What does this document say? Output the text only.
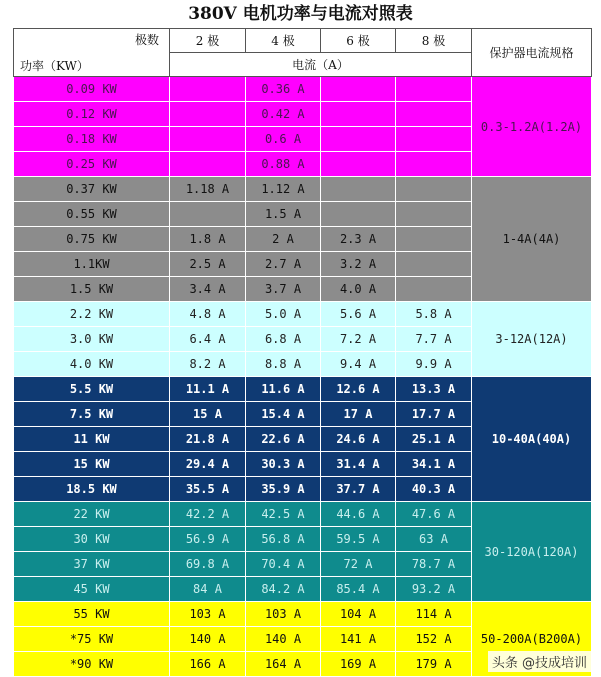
380V 电机功率与电流对照表
极数
功率（KW）	2 极	4 极	6 极	8 极	保护器电流规格
	电流（A）				
0.09 KW		0.36 A			0.3-1.2A(1.2A)
0.12 KW		0.42 A			
0.18 KW		0.6 A			
0.25 KW		0.88 A			
0.37 KW	1.18 A	1.12 A			1-4A(4A)
0.55 KW		1.5 A			
0.75 KW	1.8 A	2 A	2.3 A		
1.1KW	2.5 A	2.7 A	3.2 A		
1.5 KW	3.4 A	3.7 A	4.0 A		
2.2 KW	4.8 A	5.0 A	5.6 A	5.8 A	3-12A(12A)
3.0 KW	6.4 A	6.8 A	7.2 A	7.7 A	
4.0 KW	8.2 A	8.8 A	9.4 A	9.9 A	
5.5 KW	11.1 A	11.6 A	12.6 A	13.3 A	10-40A(40A)
7.5 KW	15 A	15.4 A	17 A	17.7 A	
11 KW	21.8 A	22.6 A	24.6 A	25.1 A	
15 KW	29.4 A	30.3 A	31.4 A	34.1 A	
18.5 KW	35.5 A	35.9 A	37.7 A	40.3 A	
22 KW	42.2 A	42.5 A	44.6 A	47.6 A	30-120A(120A)
30 KW	56.9 A	56.8 A	59.5 A	63 A	
37 KW	69.8 A	70.4 A	72 A	78.7 A	
45 KW	84 A	84.2 A	85.4 A	93.2 A	
55 KW	103 A	103 A	104 A	114 A	50-200A(B200A)
*75 KW	140 A	140 A	141 A	152 A	
*90 KW	166 A	164 A	169 A	179 A		头条 @技成培训
